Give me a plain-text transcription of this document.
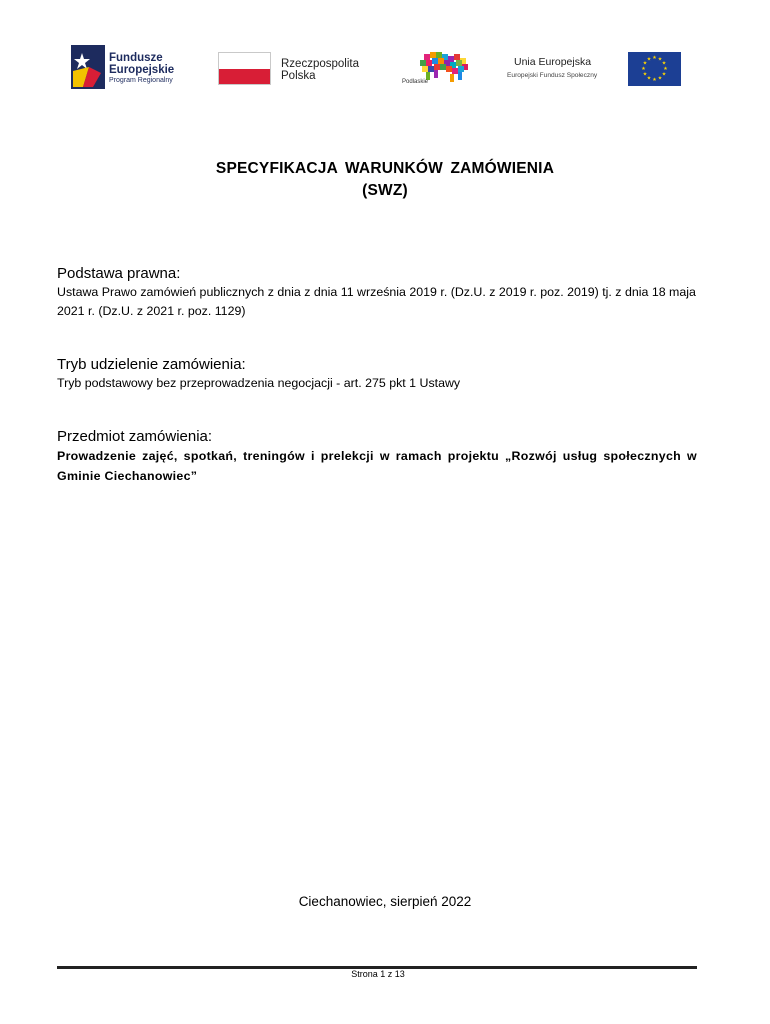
Fundusze
Europejskie
Program Regionalny
Rzeczpospolita
Polska	Podlaskie
Unia Europejska
Europejski Fundusz Społeczny
★ ★
★
★
★
★
★
★
★
★
★
★
SPECYFIKACJA WARUNKÓW ZAMÓWIENIA
(SWZ)
Podstawa prawna:
Ustawa Prawo zamówień publicznych z dnia z dnia 11 września 2019 r. (Dz.U. z 2019 r. poz. 2019) tj. z dnia 18 maja 2021 r. (Dz.U. z 2021 r. poz. 1129)
Tryb udzielenie zamówienia:
Tryb podstawowy bez przeprowadzenia negocjacji - art. 275 pkt 1 Ustawy
Przedmiot zamówienia:
Prowadzenie zajęć, spotkań, treningów i prelekcji w ramach projektu „Rozwój usług społecznych w Gminie Ciechanowiec”
Ciechanowiec, sierpień 2022
Strona 1 z 13
